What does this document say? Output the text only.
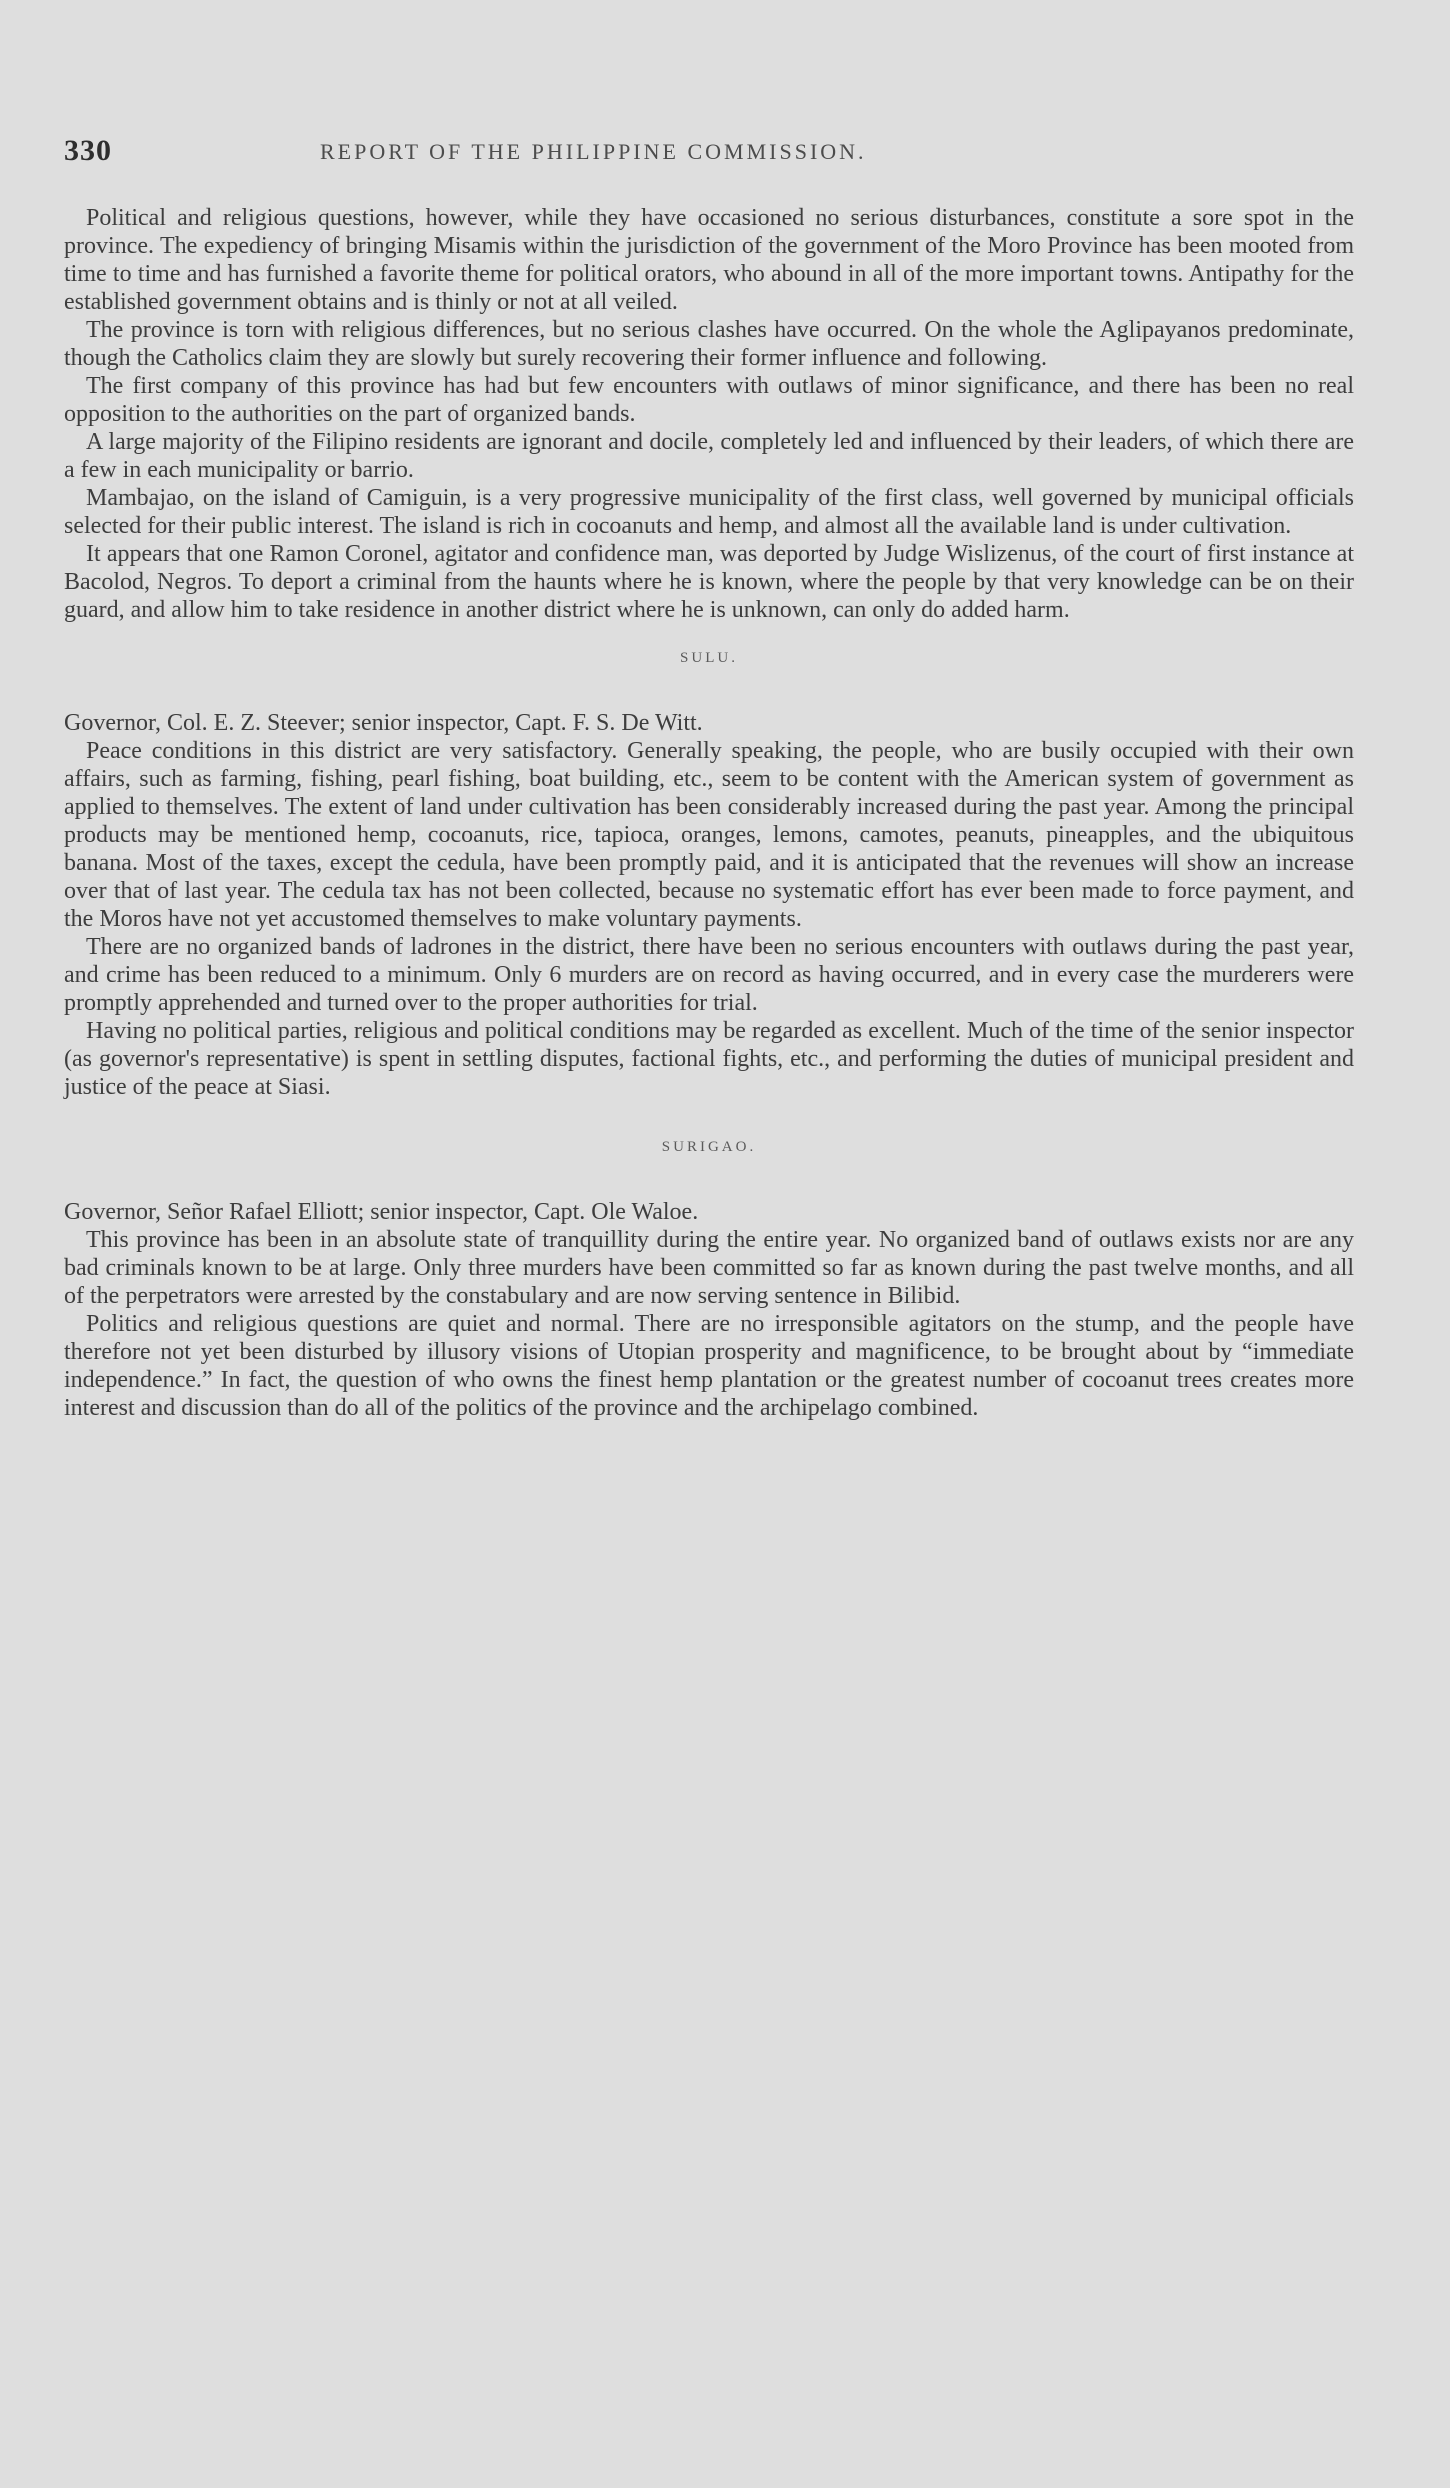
330	REPORT OF THE PHILIPPINE COMMISSION.

Political and religious questions, however, while they have occasioned no serious disturbances, constitute a sore spot in the province. The expediency of bringing Misamis within the jurisdiction of the government of the Moro Province has been mooted from time to time and has furnished a favorite theme for political orators, who abound in all of the more important towns. Antipathy for the established government obtains and is thinly or not at all veiled.

The province is torn with religious differences, but no serious clashes have occurred. On the whole the Aglipayanos predominate, though the Catholics claim they are slowly but surely recovering their former influence and following.

The first company of this province has had but few encounters with outlaws of minor significance, and there has been no real opposition to the authorities on the part of organized bands.

A large majority of the Filipino residents are ignorant and docile, completely led and influenced by their leaders, of which there are a few in each municipality or barrio.

Mambajao, on the island of Camiguin, is a very progressive municipality of the first class, well governed by municipal officials selected for their public interest. The island is rich in cocoanuts and hemp, and almost all the available land is under cultivation.

It appears that one Ramon Coronel, agitator and confidence man, was deported by Judge Wislizenus, of the court of first instance at Bacolod, Negros. To deport a criminal from the haunts where he is known, where the people by that very knowledge can be on their guard, and allow him to take residence in another district where he is unknown, can only do added harm.

SULU.

Governor, Col. E. Z. Steever; senior inspector, Capt. F. S. De Witt.

Peace conditions in this district are very satisfactory. Generally speaking, the people, who are busily occupied with their own affairs, such as farming, fishing, pearl fishing, boat building, etc., seem to be content with the American system of government as applied to themselves. The extent of land under cultivation has been considerably increased during the past year. Among the principal products may be mentioned hemp, cocoanuts, rice, tapioca, oranges, lemons, camotes, peanuts, pineapples, and the ubiquitous banana. Most of the taxes, except the cedula, have been promptly paid, and it is anticipated that the revenues will show an increase over that of last year. The cedula tax has not been collected, because no systematic effort has ever been made to force payment, and the Moros have not yet accustomed themselves to make voluntary payments.

There are no organized bands of ladrones in the district, there have been no serious encounters with outlaws during the past year, and crime has been reduced to a minimum. Only 6 murders are on record as having occurred, and in every case the murderers were promptly apprehended and turned over to the proper authorities for trial.

Having no political parties, religious and political conditions may be regarded as excellent. Much of the time of the senior inspector (as governor's representative) is spent in settling disputes, factional fights, etc., and performing the duties of municipal president and justice of the peace at Siasi.

SURIGAO.

Governor, Señor Rafael Elliott; senior inspector, Capt. Ole Waloe.

This province has been in an absolute state of tranquillity during the entire year. No organized band of outlaws exists nor are any bad criminals known to be at large. Only three murders have been committed so far as known during the past twelve months, and all of the perpetrators were arrested by the constabulary and are now serving sentence in Bilibid.

Politics and religious questions are quiet and normal. There are no irresponsible agitators on the stump, and the people have therefore not yet been disturbed by illusory visions of Utopian prosperity and magnificence, to be brought about by “immediate independence.” In fact, the question of who owns the finest hemp plantation or the greatest number of cocoanut trees creates more interest and discussion than do all of the politics of the province and the archipelago combined.
